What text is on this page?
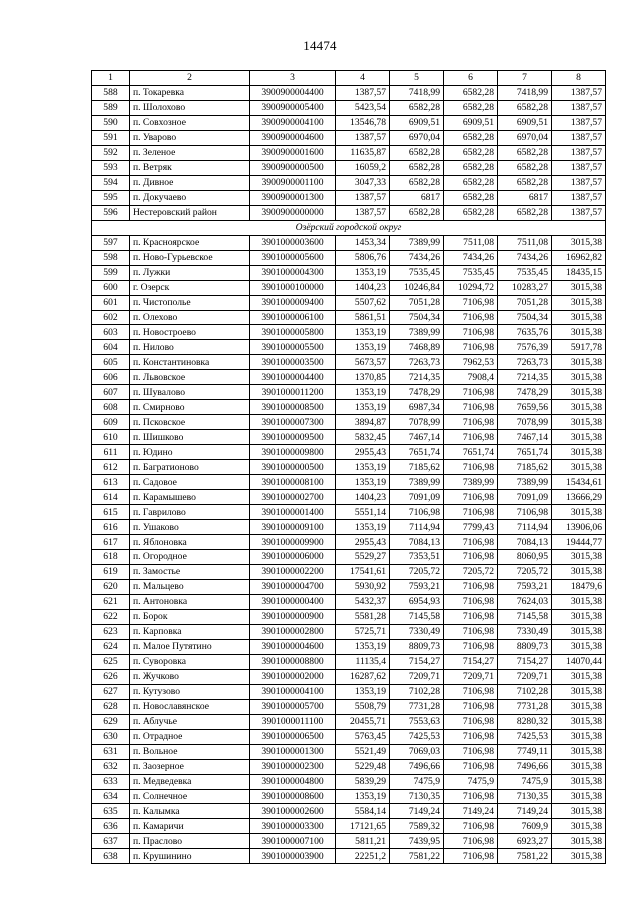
14474
1	2	3	4	5	6	7	8
588	п. Токаревка	3900900004400	1387,57	7418,99	6582,28	7418,99	1387,57
589	п. Шолохово	3900900005400	5423,54	6582,28	6582,28	6582,28	1387,57
590	п. Совхозное	3900900004100	13546,78	6909,51	6909,51	6909,51	1387,57
591	п. Уварово	3900900004600	1387,57	6970,04	6582,28	6970,04	1387,57
592	п. Зеленое	3900900001600	11635,87	6582,28	6582,28	6582,28	1387,57
593	п. Ветряк	3900900000500	16059,2	6582,28	6582,28	6582,28	1387,57
594	п. Дивное	3900900001100	3047,33	6582,28	6582,28	6582,28	1387,57
595	п. Докучаево	3900900001300	1387,57	6817	6582,28	6817	1387,57
596	Нестеровский район	3900900000000	1387,57	6582,28	6582,28	6582,28	1387,57
Озёрский городской округ							
597	п. Красноярское	3901000003600	1453,34	7389,99	7511,08	7511,08	3015,38
598	п. Ново-Гурьевское	3901000005600	5806,76	7434,26	7434,26	7434,26	16962,82
599	п. Лужки	3901000004300	1353,19	7535,45	7535,45	7535,45	18435,15
600	г. Озерск	3901000100000	1404,23	10246,84	10294,72	10283,27	3015,38
601	п. Чистополье	3901000009400	5507,62	7051,28	7106,98	7051,28	3015,38
602	п. Олехово	3901000006100	5861,51	7504,34	7106,98	7504,34	3015,38
603	п. Новостроево	3901000005800	1353,19	7389,99	7106,98	7635,76	3015,38
604	п. Нилово	3901000005500	1353,19	7468,89	7106,98	7576,39	5917,78
605	п. Константиновка	3901000003500	5673,57	7263,73	7962,53	7263,73	3015,38
606	п. Львовское	3901000004400	1370,85	7214,35	7908,4	7214,35	3015,38
607	п. Шувалово	3901000011200	1353,19	7478,29	7106,98	7478,29	3015,38
608	п. Смирново	3901000008500	1353,19	6987,34	7106,98	7659,56	3015,38
609	п. Псковское	3901000007300	3894,87	7078,99	7106,98	7078,99	3015,38
610	п. Шишково	3901000009500	5832,45	7467,14	7106,98	7467,14	3015,38
611	п. Юдино	3901000009800	2955,43	7651,74	7651,74	7651,74	3015,38
612	п. Багратионово	3901000000500	1353,19	7185,62	7106,98	7185,62	3015,38
613	п. Садовое	3901000008100	1353,19	7389,99	7389,99	7389,99	15434,61
614	п. Карамышево	3901000002700	1404,23	7091,09	7106,98	7091,09	13666,29
615	п. Гаврилово	3901000001400	5551,14	7106,98	7106,98	7106,98	3015,38
616	п. Ушаково	3901000009100	1353,19	7114,94	7799,43	7114,94	13906,06
617	п. Яблоновка	3901000009900	2955,43	7084,13	7106,98	7084,13	19444,77
618	п. Огородное	3901000006000	5529,27	7353,51	7106,98	8060,95	3015,38
619	п. Замостье	3901000002200	17541,61	7205,72	7205,72	7205,72	3015,38
620	п. Мальцево	3901000004700	5930,92	7593,21	7106,98	7593,21	18479,6
621	п. Антоновка	3901000000400	5432,37	6954,93	7106,98	7624,03	3015,38
622	п. Борок	3901000000900	5581,28	7145,58	7106,98	7145,58	3015,38
623	п. Карповка	3901000002800	5725,71	7330,49	7106,98	7330,49	3015,38
624	п. Малое Путятино	3901000004600	1353,19	8809,73	7106,98	8809,73	3015,38
625	п. Суворовка	3901000008800	11135,4	7154,27	7154,27	7154,27	14070,44
626	п. Жучково	3901000002000	16287,62	7209,71	7209,71	7209,71	3015,38
627	п. Кутузово	3901000004100	1353,19	7102,28	7106,98	7102,28	3015,38
628	п. Новославянское	3901000005700	5508,79	7731,28	7106,98	7731,28	3015,38
629	п. Аблучье	3901000011100	20455,71	7553,63	7106,98	8280,32	3015,38
630	п. Отрадное	3901000006500	5763,45	7425,53	7106,98	7425,53	3015,38
631	п. Вольное	3901000001300	5521,49	7069,03	7106,98	7749,11	3015,38
632	п. Заозерное	3901000002300	5229,48	7496,66	7106,98	7496,66	3015,38
633	п. Медведевка	3901000004800	5839,29	7475,9	7475,9	7475,9	3015,38
634	п. Солнечное	3901000008600	1353,19	7130,35	7106,98	7130,35	3015,38
635	п. Калымка	3901000002600	5584,14	7149,24	7149,24	7149,24	3015,38
636	п. Камаричи	3901000003300	17121,65	7589,32	7106,98	7609,9	3015,38
637	п. Праслово	3901000007100	5811,21	7439,95	7106,98	6923,27	3015,38
638	п. Крушинино	3901000003900	22251,2	7581,22	7106,98	7581,22	3015,38
